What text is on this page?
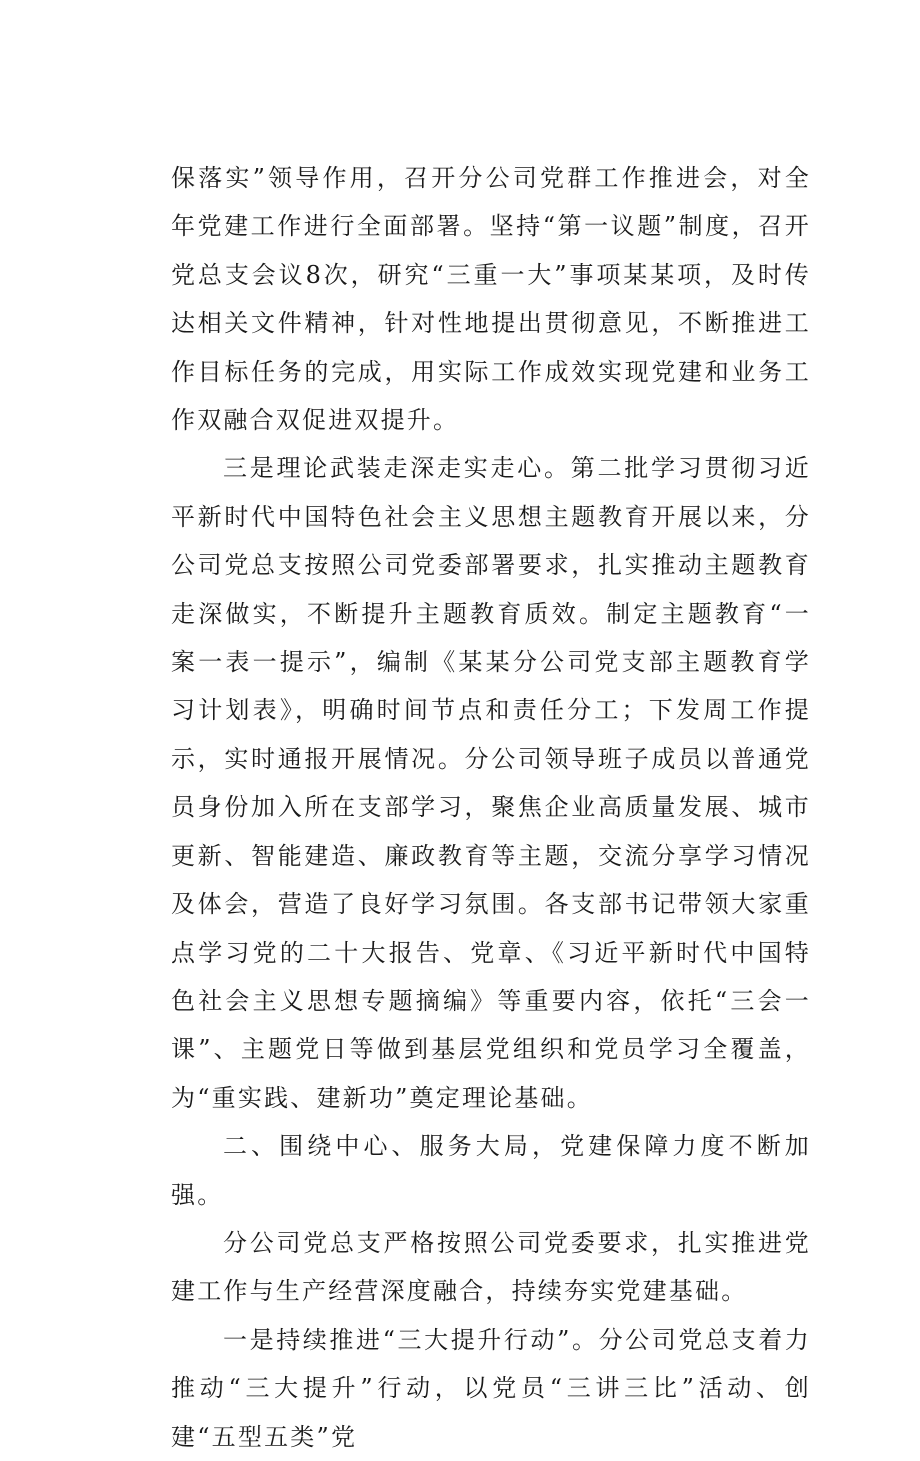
保落实”领导作用，召开分公司党群工作推进会，对全年党建工作进行全面部署。坚持“第一议题”制度，召开党总支会议8次，研究“三重一大”事项某某项，及时传达相关文件精神，针对性地提出贯彻意见，不断推进工作目标任务的完成，用实际工作成效实现党建和业务工作双融合双促进双提升。

三是理论武装走深走实走心。第二批学习贯彻习近平新时代中国特色社会主义思想主题教育开展以来，分公司党总支按照公司党委部署要求，扎实推动主题教育走深做实，不断提升主题教育质效。制定主题教育“一案一表一提示”，编制《某某分公司党支部主题教育学习计划表》，明确时间节点和责任分工；下发周工作提示，实时通报开展情况。分公司领导班子成员以普通党员身份加入所在支部学习，聚焦企业高质量发展、城市更新、智能建造、廉政教育等主题，交流分享学习情况及体会，营造了良好学习氛围。各支部书记带领大家重点学习党的二十大报告、党章、《习近平新时代中国特色社会主义思想专题摘编》等重要内容，依托“三会一课”、主题党日等做到基层党组织和党员学习全覆盖，为“重实践、建新功”奠定理论基础。

二、围绕中心、服务大局，党建保障力度不断加强。

分公司党总支严格按照公司党委要求，扎实推进党建工作与生产经营深度融合，持续夯实党建基础。

一是持续推进“三大提升行动”。分公司党总支着力推动“三大提升”行动，以党员“三讲三比”活动、创建“五型五类”党
